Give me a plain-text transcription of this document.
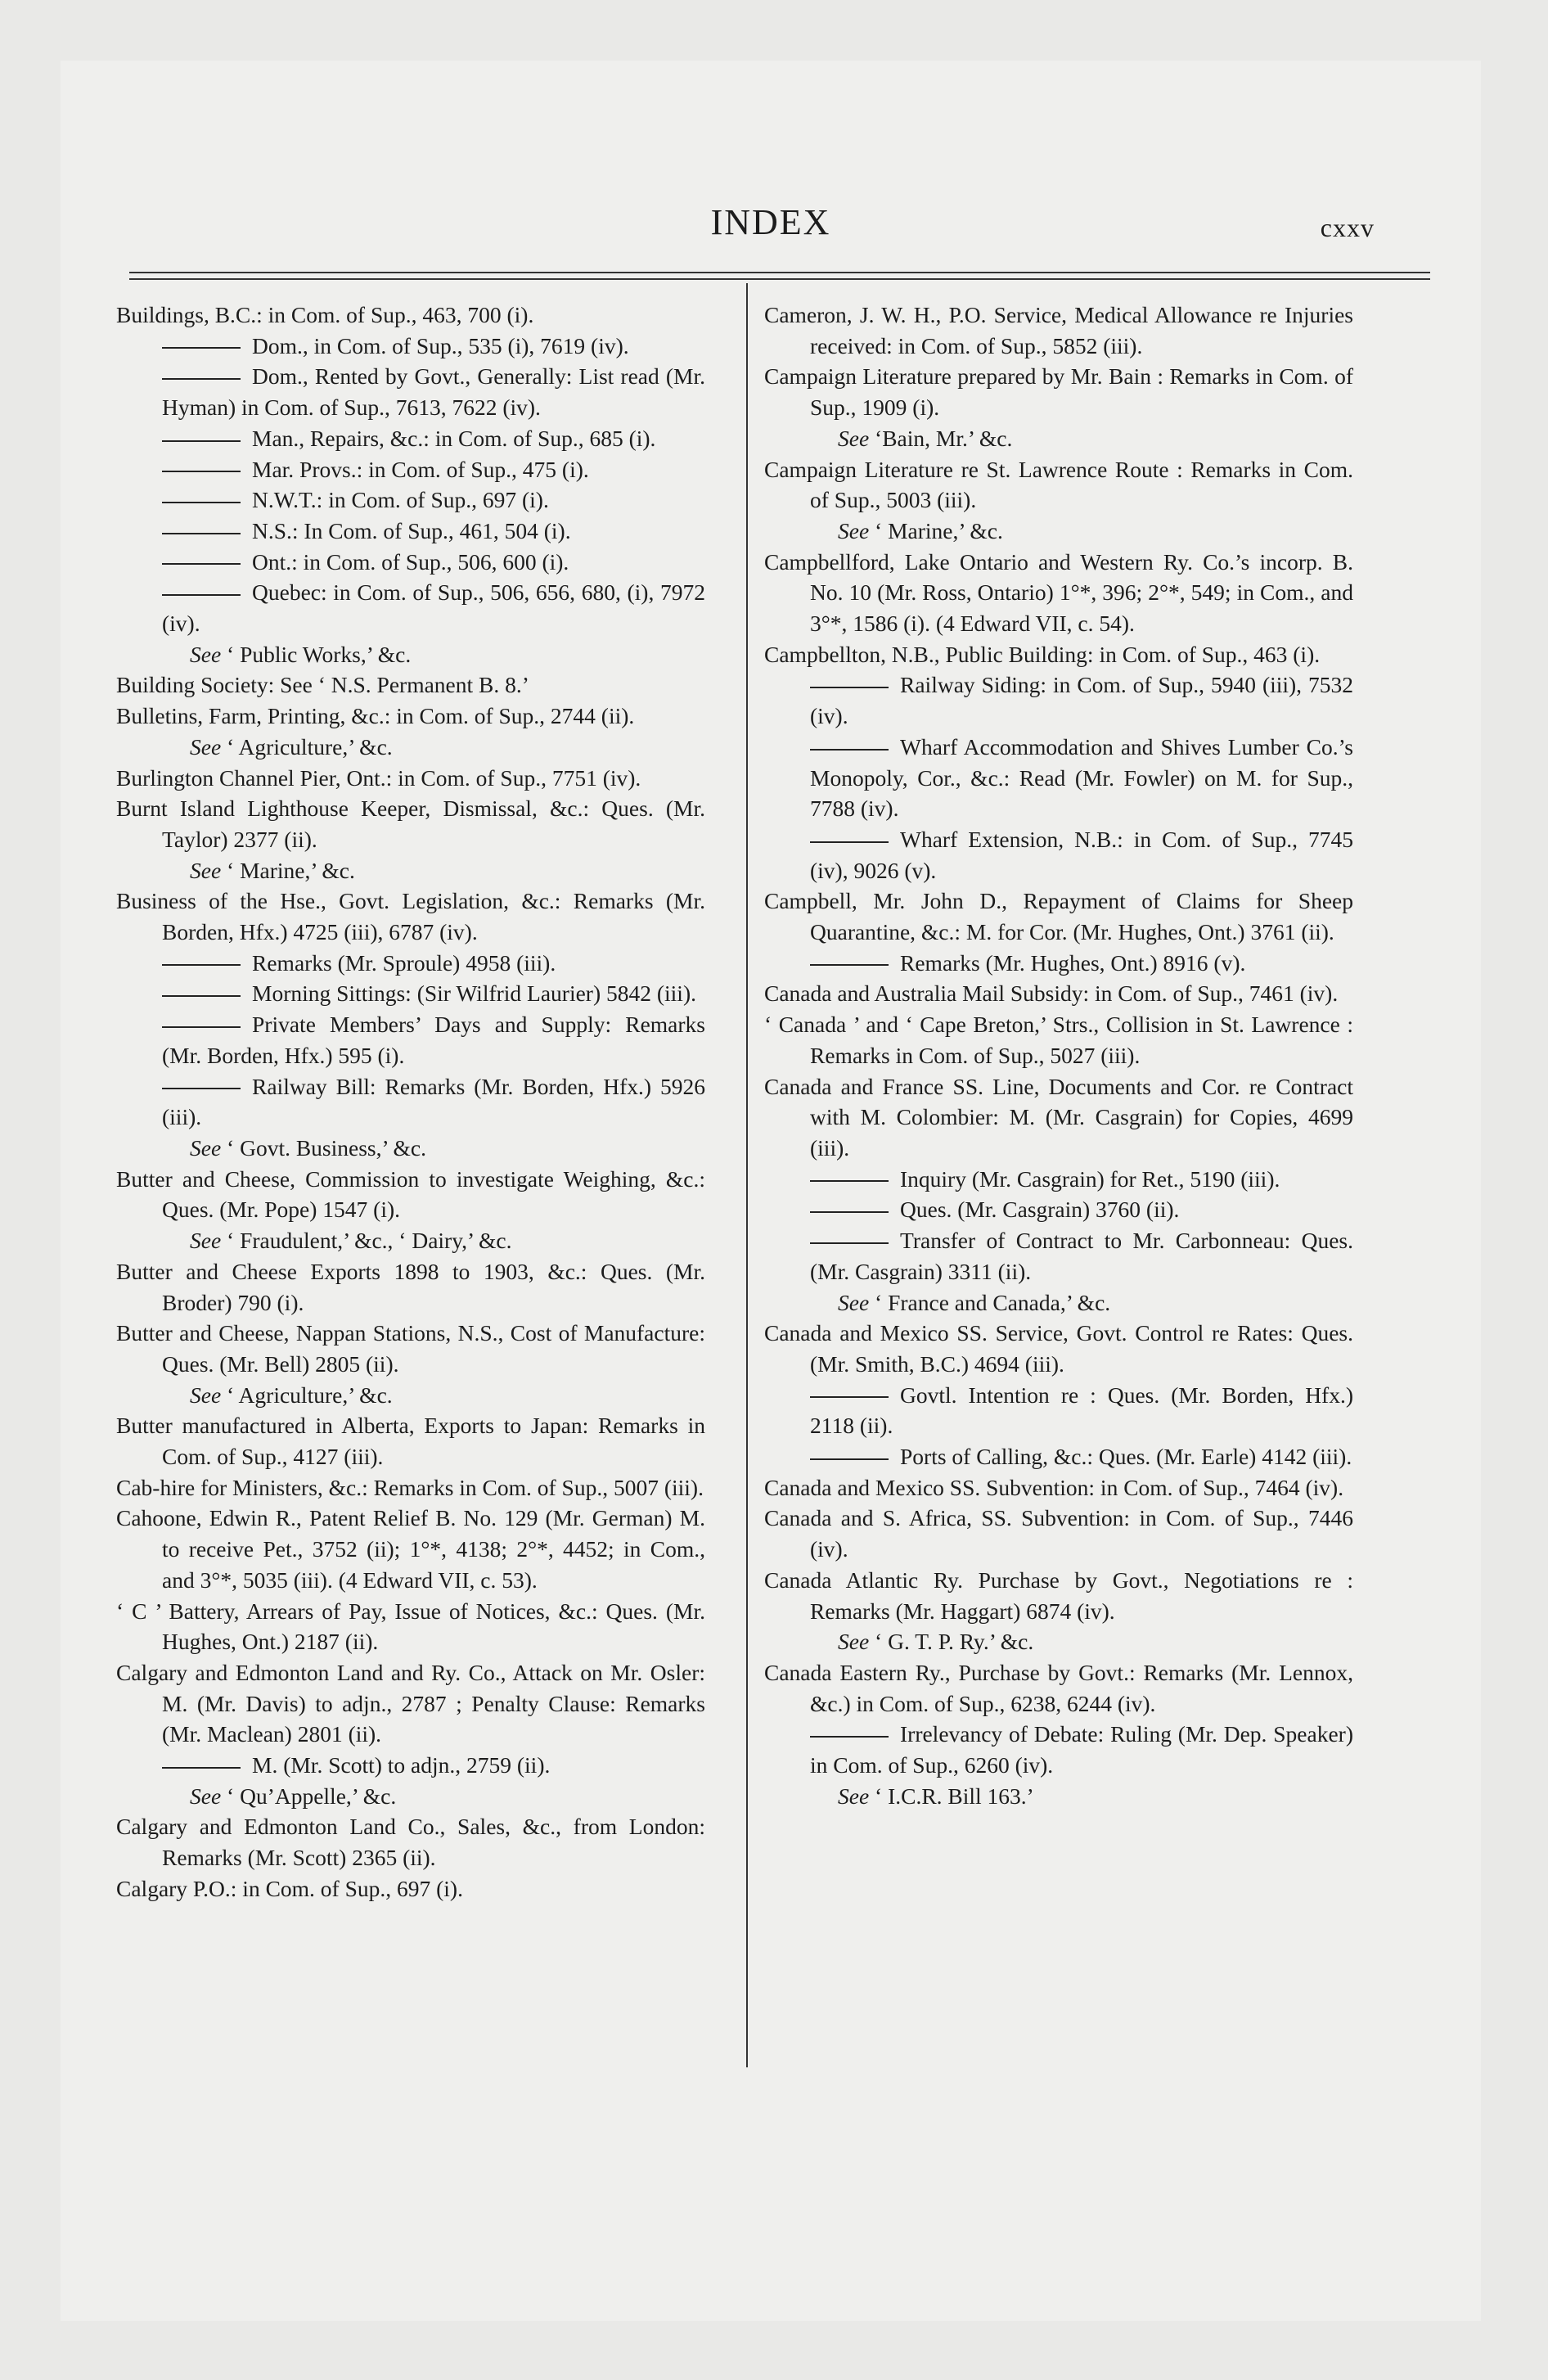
INDEX	cxxv

Buildings, B.C.: in Com. of Sup., 463, 700 (i).

Dom., in Com. of Sup., 535 (i), 7619 (iv).

Dom., Rented by Govt., Generally: List read (Mr. Hyman) in Com. of Sup., 7613, 7622 (iv).

Man., Repairs, &c.: in Com. of Sup., 685 (i).

Mar. Provs.: in Com. of Sup., 475 (i).

N.W.T.: in Com. of Sup., 697 (i).

N.S.: In Com. of Sup., 461, 504 (i).

Ont.: in Com. of Sup., 506, 600 (i).

Quebec: in Com. of Sup., 506, 656, 680, (i), 7972 (iv).

See ‘ Public Works,’ &c.

Building Society: See ‘ N.S. Permanent B. 8.’

Bulletins, Farm, Printing, &c.: in Com. of Sup., 2744 (ii).

See ‘ Agriculture,’ &c.

Burlington Channel Pier, Ont.: in Com. of Sup., 7751 (iv).

Burnt Island Lighthouse Keeper, Dismissal, &c.: Ques. (Mr. Taylor) 2377 (ii).

See ‘ Marine,’ &c.

Business of the Hse., Govt. Legislation, &c.: Remarks (Mr. Borden, Hfx.) 4725 (iii), 6787 (iv).

Remarks (Mr. Sproule) 4958 (iii).

Morning Sittings: (Sir Wilfrid Laurier) 5842 (iii).

Private Members’ Days and Supply: Remarks (Mr. Borden, Hfx.) 595 (i).

Railway Bill: Remarks (Mr. Borden, Hfx.) 5926 (iii).

See ‘ Govt. Business,’ &c.

Butter and Cheese, Commission to investigate Weighing, &c.: Ques. (Mr. Pope) 1547 (i).

See ‘ Fraudulent,’ &c., ‘ Dairy,’ &c.

Butter and Cheese Exports 1898 to 1903, &c.: Ques. (Mr. Broder) 790 (i).

Butter and Cheese, Nappan Stations, N.S., Cost of Manufacture: Ques. (Mr. Bell) 2805 (ii).

See ‘ Agriculture,’ &c.

Butter manufactured in Alberta, Exports to Japan: Remarks in Com. of Sup., 4127 (iii).

Cab-hire for Ministers, &c.: Remarks in Com. of Sup., 5007 (iii).

Cahoone, Edwin R., Patent Relief B. No. 129 (Mr. German) M. to receive Pet., 3752 (ii); 1°*, 4138; 2°*, 4452; in Com., and 3°*, 5035 (iii). (4 Edward VII, c. 53).

‘ C ’ Battery, Arrears of Pay, Issue of Notices, &c.: Ques. (Mr. Hughes, Ont.) 2187 (ii).

Calgary and Edmonton Land and Ry. Co., Attack on Mr. Osler: M. (Mr. Davis) to adjn., 2787 ; Penalty Clause: Remarks (Mr. Maclean) 2801 (ii).

M. (Mr. Scott) to adjn., 2759 (ii).

See ‘ Qu’Appelle,’ &c.

Calgary and Edmonton Land Co., Sales, &c., from London: Remarks (Mr. Scott) 2365 (ii).

Calgary P.O.: in Com. of Sup., 697 (i).

Cameron, J. W. H., P.O. Service, Medical Allowance re Injuries received: in Com. of Sup., 5852 (iii).

Campaign Literature prepared by Mr. Bain : Remarks in Com. of Sup., 1909 (i).

See ‘Bain, Mr.’ &c.

Campaign Literature re St. Lawrence Route : Remarks in Com. of Sup., 5003 (iii).

See ‘ Marine,’ &c.

Campbellford, Lake Ontario and Western Ry. Co.’s incorp. B. No. 10 (Mr. Ross, Ontario) 1°*, 396; 2°*, 549; in Com., and 3°*, 1586 (i). (4 Edward VII, c. 54).

Campbellton, N.B., Public Building: in Com. of Sup., 463 (i).

Railway Siding: in Com. of Sup., 5940 (iii), 7532 (iv).

Wharf Accommodation and Shives Lumber Co.’s Monopoly, Cor., &c.: Read (Mr. Fowler) on M. for Sup., 7788 (iv).

Wharf Extension, N.B.: in Com. of Sup., 7745 (iv), 9026 (v).

Campbell, Mr. John D., Repayment of Claims for Sheep Quarantine, &c.: M. for Cor. (Mr. Hughes, Ont.) 3761 (ii).

Remarks (Mr. Hughes, Ont.) 8916 (v).

Canada and Australia Mail Subsidy: in Com. of Sup., 7461 (iv).

‘ Canada ’ and ‘ Cape Breton,’ Strs., Collision in St. Lawrence : Remarks in Com. of Sup., 5027 (iii).

Canada and France SS. Line, Documents and Cor. re Contract with M. Colombier: M. (Mr. Casgrain) for Copies, 4699 (iii).

Inquiry (Mr. Casgrain) for Ret., 5190 (iii).

Ques. (Mr. Casgrain) 3760 (ii).

Transfer of Contract to Mr. Carbonneau: Ques. (Mr. Casgrain) 3311 (ii).

See ‘ France and Canada,’ &c.

Canada and Mexico SS. Service, Govt. Control re Rates: Ques. (Mr. Smith, B.C.) 4694 (iii).

Govtl. Intention re : Ques. (Mr. Borden, Hfx.) 2118 (ii).

Ports of Calling, &c.: Ques. (Mr. Earle) 4142 (iii).

Canada and Mexico SS. Subvention: in Com. of Sup., 7464 (iv).

Canada and S. Africa, SS. Subvention: in Com. of Sup., 7446 (iv).

Canada Atlantic Ry. Purchase by Govt., Negotiations re : Remarks (Mr. Haggart) 6874 (iv).

See ‘ G. T. P. Ry.’ &c.

Canada Eastern Ry., Purchase by Govt.: Remarks (Mr. Lennox, &c.) in Com. of Sup., 6238, 6244 (iv).

Irrelevancy of Debate: Ruling (Mr. Dep. Speaker) in Com. of Sup., 6260 (iv).

See ‘ I.C.R. Bill 163.’
